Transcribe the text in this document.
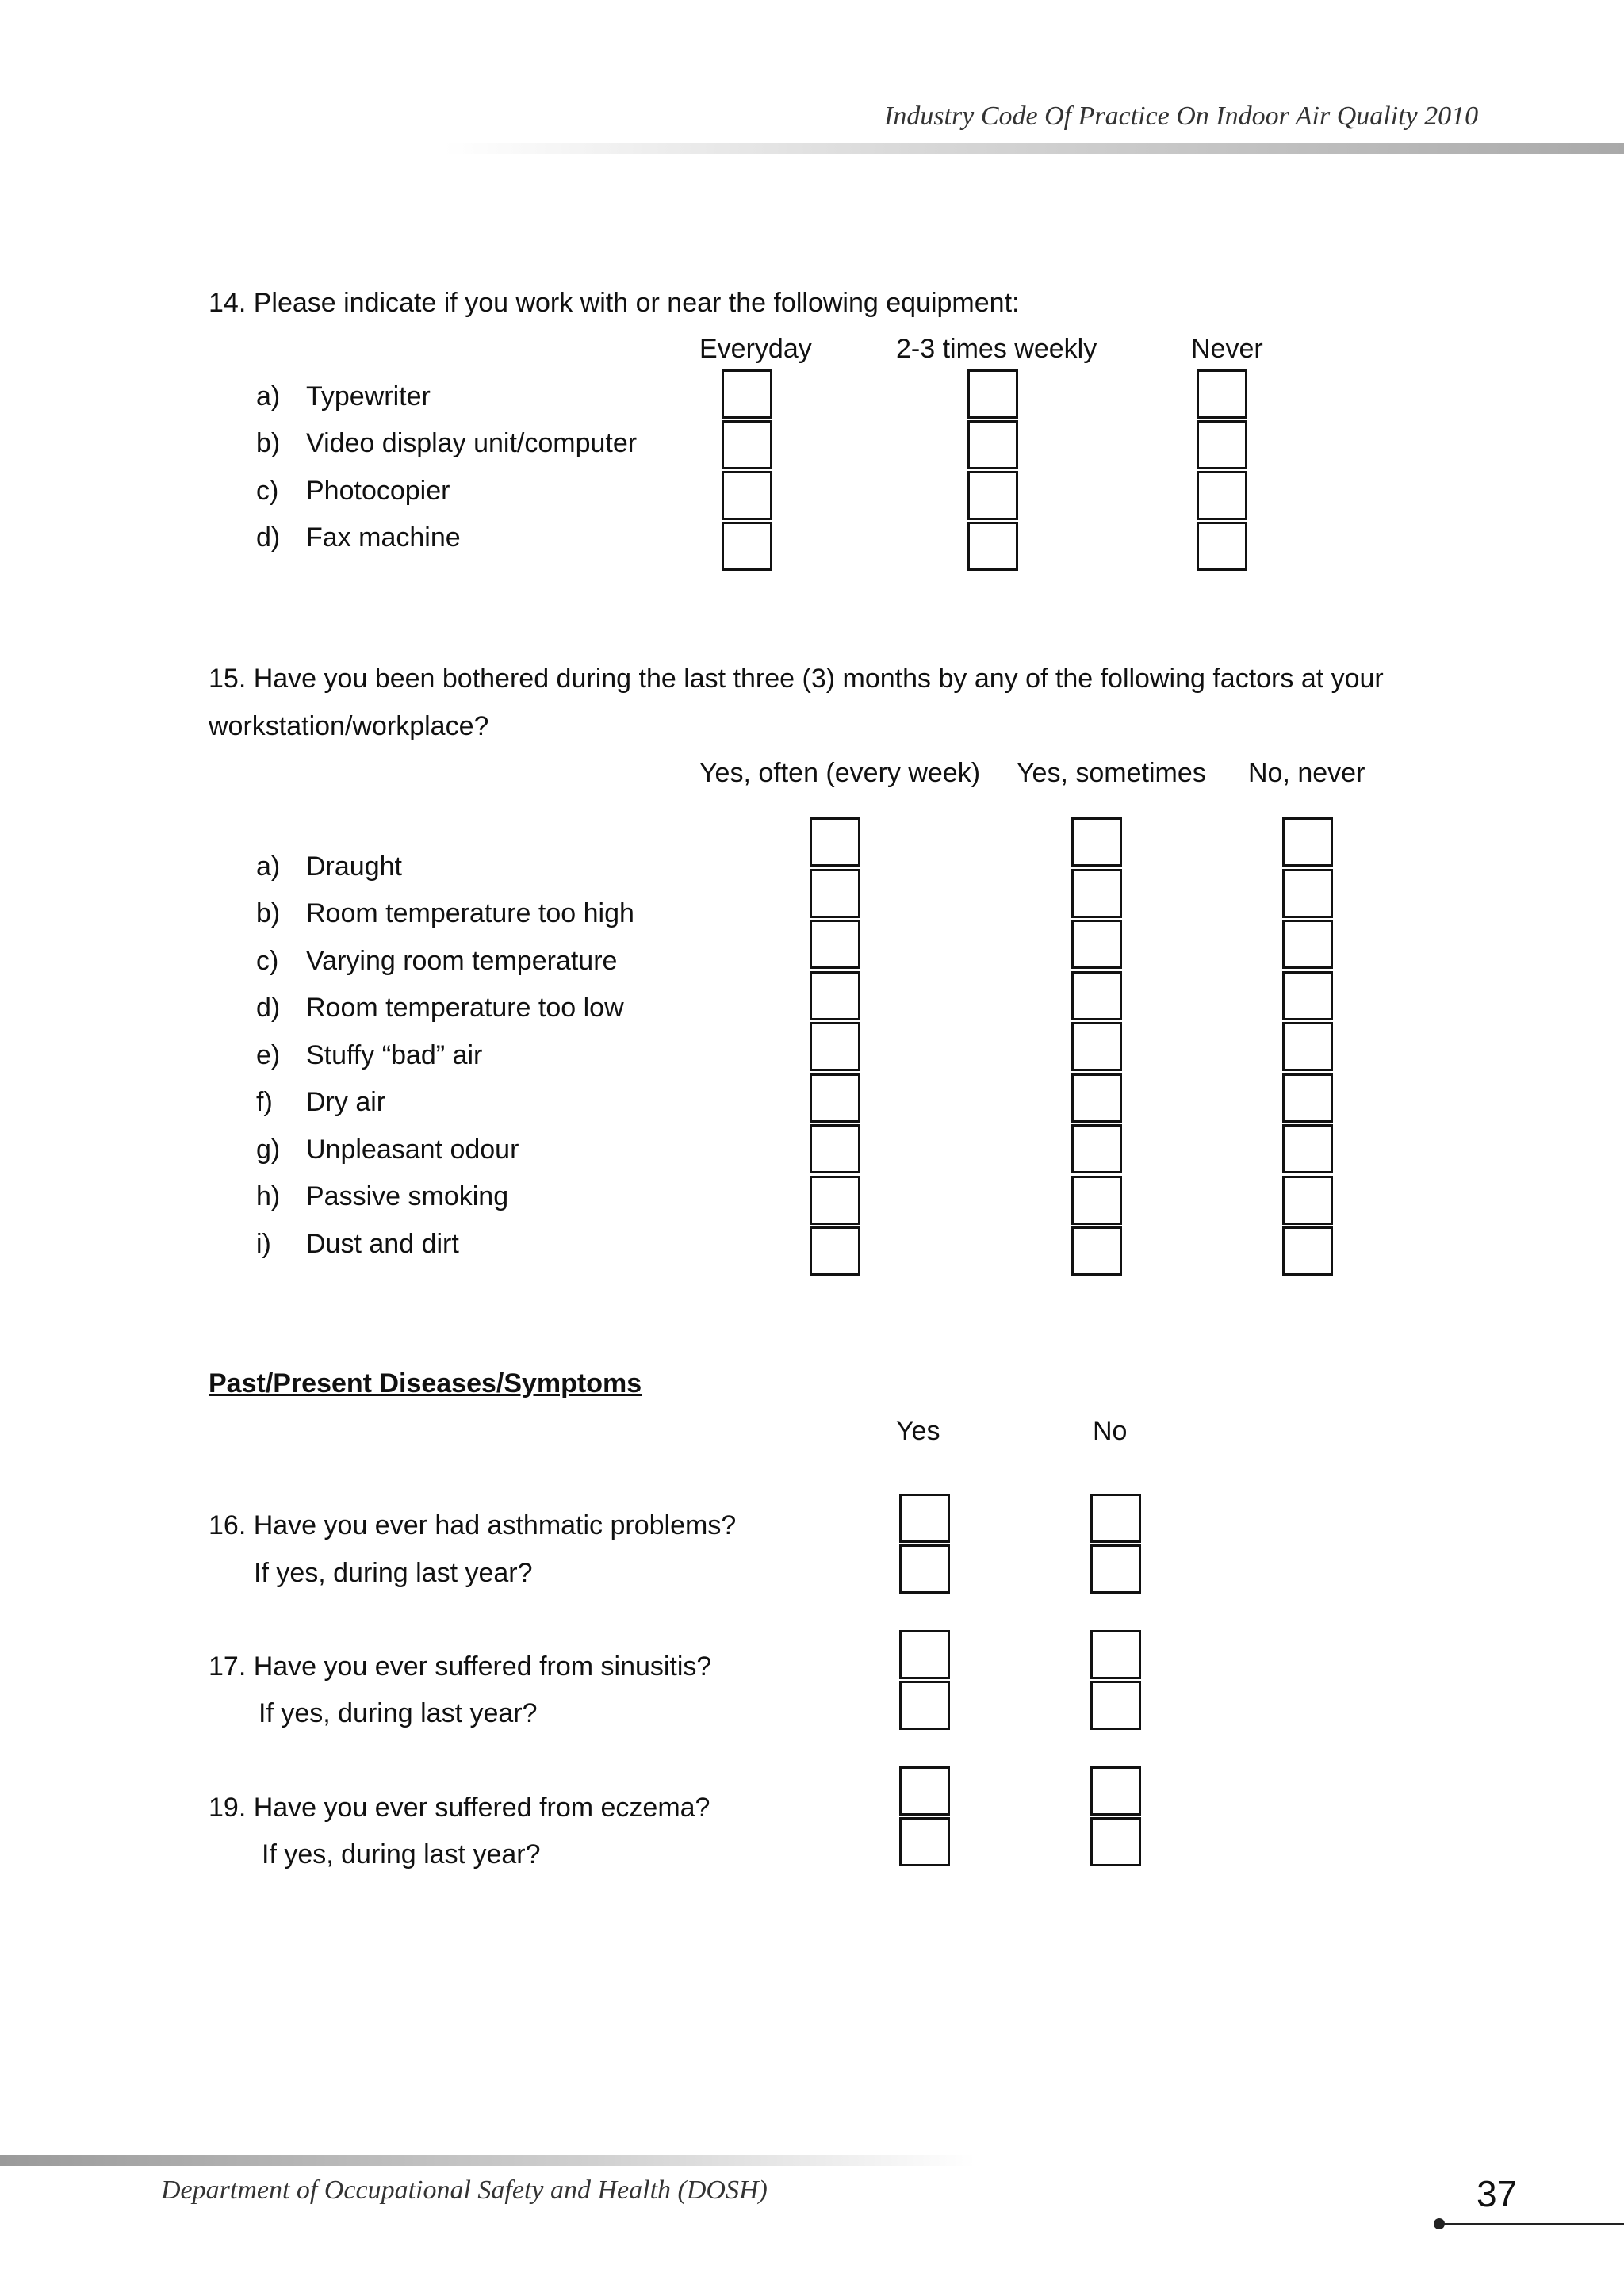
Industry Code Of Practice On Indoor Air Quality 2010
14. Please indicate if you work with or near the following equipment:
Everyday	2-3 times weekly	Never
a) Typewriter
b) Video display unit/computer
c) Photocopier
d) Fax machine
15. Have you been bothered during the last three (3) months by any of the following factors at your
workstation/workplace?
Yes, often (every week) Yes, sometimes No, never
a) Draught
b) Room temperature too high
c) Varying room temperature
d) Room temperature too low
e) Stuffy “bad” air
f) Dry air
g) Unpleasant odour
h) Passive smoking
i) Dust and dirt
Past/Present Diseases/Symptoms
Yes	No
16. Have you ever had asthmatic problems?
If yes, during last year?
17. Have you ever suffered from sinusitis?
If yes, during last year?
19. Have you ever suffered from eczema?
If yes, during last year?
Department of Occupational Safety and Health (DOSH)	37
